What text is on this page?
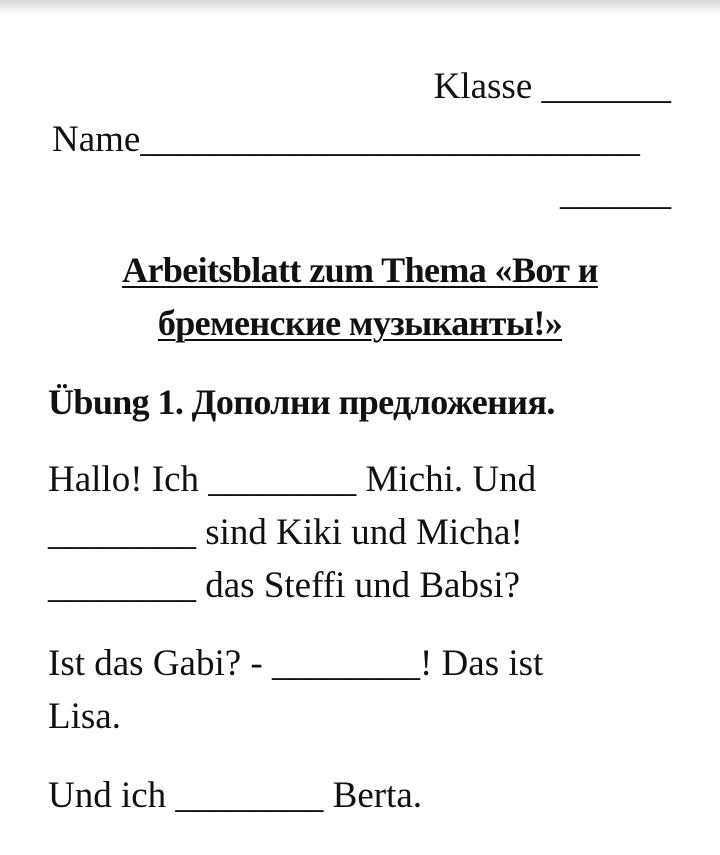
Klasse _______
Name___________________________
______
Arbeitsblatt zum Thema «Вот и
бременские музыканты!»
Übung 1. Дополни предложения.
Hallo! Ich ________ Michi. Und
________ sind Kiki und Micha!
________ das Steffi und Babsi?
Ist das Gabi? - ________! Das ist
Lisa.
Und ich ________ Berta.
